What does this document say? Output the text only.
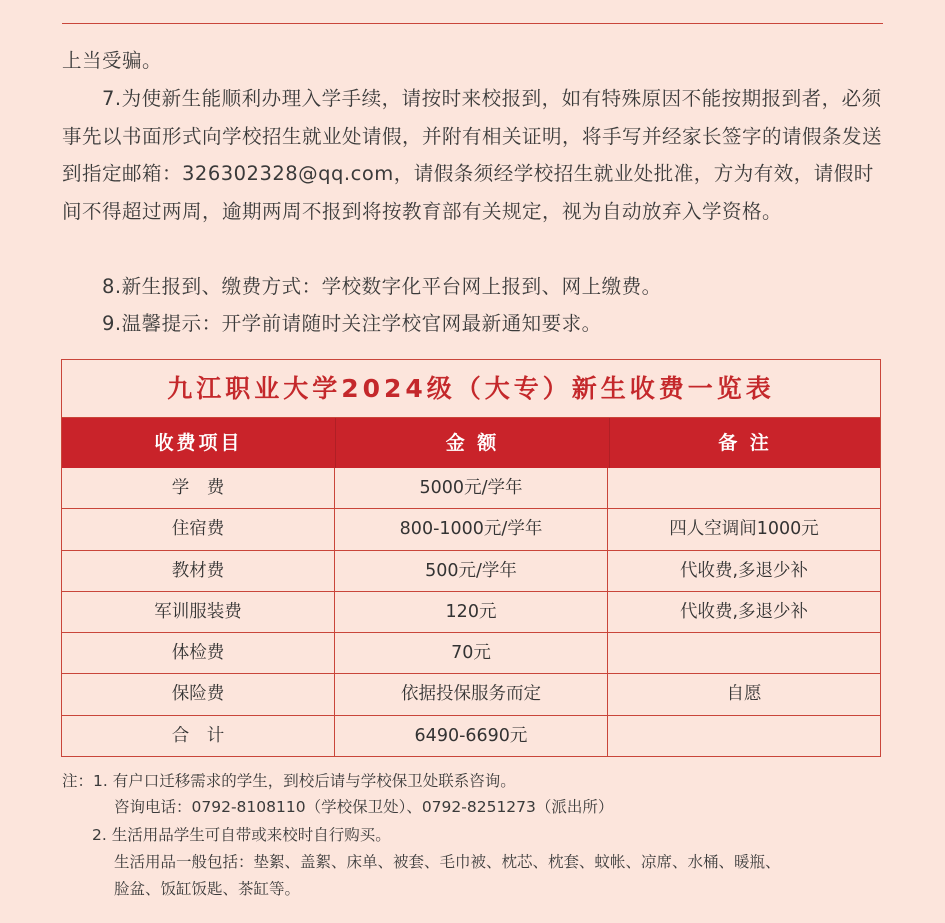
上当受骗。
7.为使新生能顺利办理入学手续，请按时来校报到，如有特殊原因不能按期报到者，必须事先以书面形式向学校招生就业处请假，并附有相关证明，将手写并经家长签字的请假条发送到指定邮箱：326302328@qq.com，请假条须经学校招生就业处批准，方为有效，请假时间不得超过两周，逾期两周不报到将按教育部有关规定，视为自动放弃入学资格。
8.新生报到、缴费方式：学校数字化平台网上报到、网上缴费。
9.温馨提示：开学前请随时关注学校官网最新通知要求。
九江职业大学2024级（大专）新生收费一览表
收费项目	金 额	备 注
学　费	5000元/学年
住宿费	800-1000元/学年	四人空调间1000元
教材费	500元/学年	代收费,多退少补
军训服装费	120元	代收费,多退少补
体检费	70元
保险费	依据投保服务而定	自愿
合　计	6490-6690元
注：1. 有户口迁移需求的学生，到校后请与学校保卫处联系咨询。
咨询电话：0792-8108110（学校保卫处）、0792-8251273（派出所）
2. 生活用品学生可自带或来校时自行购买。
生活用品一般包括：垫絮、盖絮、床单、被套、毛巾被、枕芯、枕套、蚊帐、凉席、水桶、暖瓶、
脸盆、饭缸饭匙、茶缸等。
